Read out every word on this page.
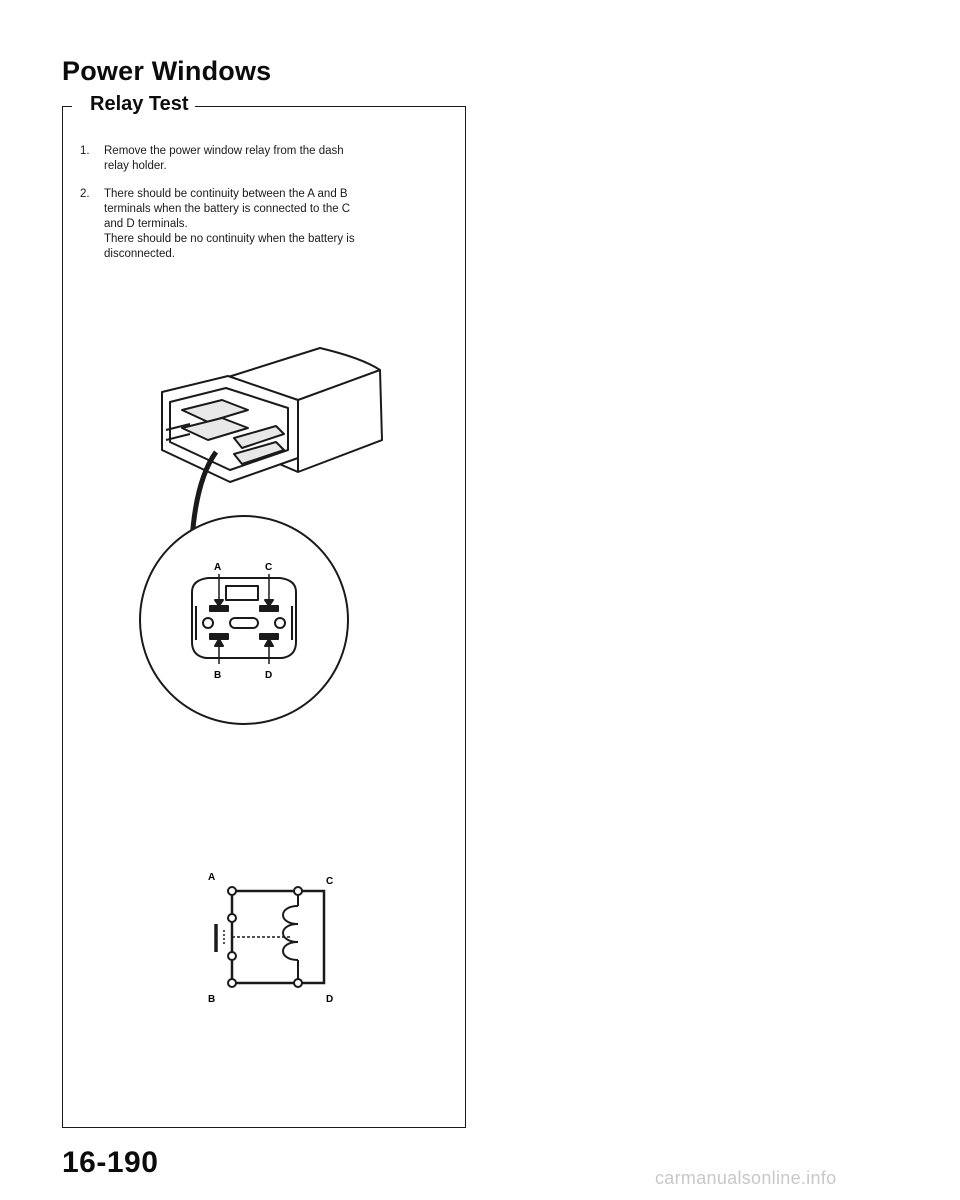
Power Windows
Relay Test
1. Remove the power window relay from the dash
relay holder.
2. There should be continuity between the A and B
terminals when the battery is connected to the C
and D terminals.
There should be no continuity when the battery is
disconnected.
A	C
B	D
A	C
B	D
16-190	carmanualsonline.info
